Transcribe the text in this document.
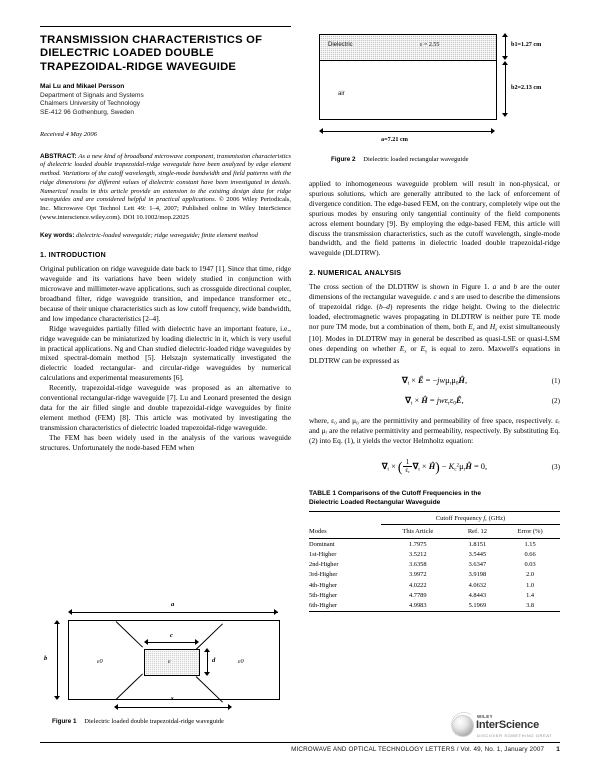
TRANSMISSION CHARACTERISTICS OF DIELECTRIC LOADED DOUBLE TRAPEZOIDAL-RIDGE WAVEGUIDE

Mai Lu and Mikael Persson

Department of Signals and Systems

Chalmers University of Technology

SE-412 96 Gothenburg, Sweden

Received 4 May 2006

ABSTRACT: As a new kind of broadband microwave component, transmission characteristics of dielectric loaded double trapezoidal-ridge waveguide have been analyzed by edge element method. Variations of the cutoff wavelength, single-mode bandwidth and field patterns with the ridge dimensions for different values of dielectric constant have been investigated in details. Numerical results in this article provide an extension to the existing design data for ridge waveguides and are considered helpful in practical applications. © 2006 Wiley Periodicals, Inc. Microwave Opt Technol Lett 49: 1–4, 2007; Published online in Wiley InterScience (www.interscience.wiley.com). DOI 10.1002/mop.22025
Key words: dielectric-loaded waveguide; ridge waveguide; finite element method
1. INTRODUCTION

Original publication on ridge waveguide date back to 1947 [1]. Since that time, ridge waveguide and its variations have been widely studied in conjunction with microwave and millimeter-wave applications, such as crossguide directional coupler, broadband filter, ridge waveguide transition, and impedance transformer etc., because of their unique characteristics such as low cutoff frequency, wide bandwidth, and low impedance characteristics [2–4].

Ridge waveguides partially filled with dielectric have an important feature, i.e., ridge waveguide can be miniaturized by loading dielectric in it, which is very useful in practical applications. Ng and Chan studied dielectric-loaded ridge waveguides by mixed spectral-domain method [5]. Helszajn systematically investigated the dielectric loaded rectangular- and circular-ridge waveguides by numerical calculations and experimental measurements [6].

Recently, trapezoidal-ridge waveguide was proposed as an alternative to conventional rectangular-ridge waveguide [7]. Lu and Leonard presented the design data for the air filled single and double trapezoidal-ridge waveguides by finite element method (FEM) [8]. This article was motivated by investigating the transmission characteristics of dielectric loaded trapezoidal-ridge waveguide.

The FEM has been widely used in the analysis of the various waveguide structures. Unfortunately the node-based FEM when

a
ε
ε0	ε0
b
c
d
s
Figure 1 Dielectric loaded double trapezoidal-ridge waveguide
Dielectric	ε = 2.55
air
b1=1.27 cm
b2=2.13 cm
a=7.21 cm
Figure 2 Dielectric loaded rectangular waveguide

applied to inhomogeneous waveguide problem will result in non-physical, or spurious solutions, which are generally attributed to the lack of enforcement of divergence condition. The edge-based FEM, on the contrary, completely wipe out the spurious modes by ensuring only tangential continuity of the field components across element boundary [9]. By employing the edge-based FEM, this article will discuss the transmission characteristics, such as the cutoff wavelength, single-mode bandwidth, and the field patterns in dielectric loaded double trapezoidal-ridge waveguide (DLDTRW).

2. NUMERICAL ANALYSIS

The cross section of the DLDTRW is shown in Figure 1. a and b are the outer dimensions of the rectangular waveguide. c and s are used to describe the dimensions of trapezoidal ridge. (b–d) represents the ridge height. Owing to the dielectric loaded, electromagnetic waves propagating in DLDTRW is neither pure TE mode nor pure TM mode, but a combination of them, both $E_z$ and $H_z$ exist simultaneously [10]. Modes in DLDTRW may in general be described as quasi-LSE or quasi-LSM ones depending on whether $E_x$ or $E_y$ is equal to zero. Maxwell's equations in DLDTRW can be expressed as

$\nabla_t$ × Ê = $-jw\mu_r\mu_0Ĥ$,	(1)
$\nabla_t$ × Ĥ = $jw\varepsilon_r\varepsilon_0Ê$,	(2)

where, ε₀ and μ₀ are the permittivity and permeability of free space, respectively. εᵣ and μᵣ are the relative permittivity and permeability, respectively. By substituting Eq. (2) into Eq. (1), it yields the vector Helmholtz equation:

$\nabla_t$ × ( $\frac{1}{\varepsilon_r} \nabla_t$ × Ĥ) − $K_c^2\mu_rĤ = 0$,	(3)
TABLE 1 Comparisons of the Cutoff Frequencies in the
Dielectric Loaded Rectangular Waveguide

	Cutoff Frequency $f_c$ (GHz)		

Modes	This Article	Ref. 12	Error (%)
Dominant	1.7975	1.8151	1.15
1st-Higher	3.5212	3.5445	0.66
2nd-Higher	3.6358	3.6347	0.03
3rd-Higher	3.9972	3.9198	2.0
4th-Higher	4.0222	4.0632	1.0
5th-Higher	4.7789	4.8443	1.4
6th-Higher	4.9983	5.1969	3.8
WILEY
InterScience
DISCOVER SOMETHING GREAT
MICROWAVE AND OPTICAL TECHNOLOGY LETTERS / Vol. 49, No. 1, January 2007 1
